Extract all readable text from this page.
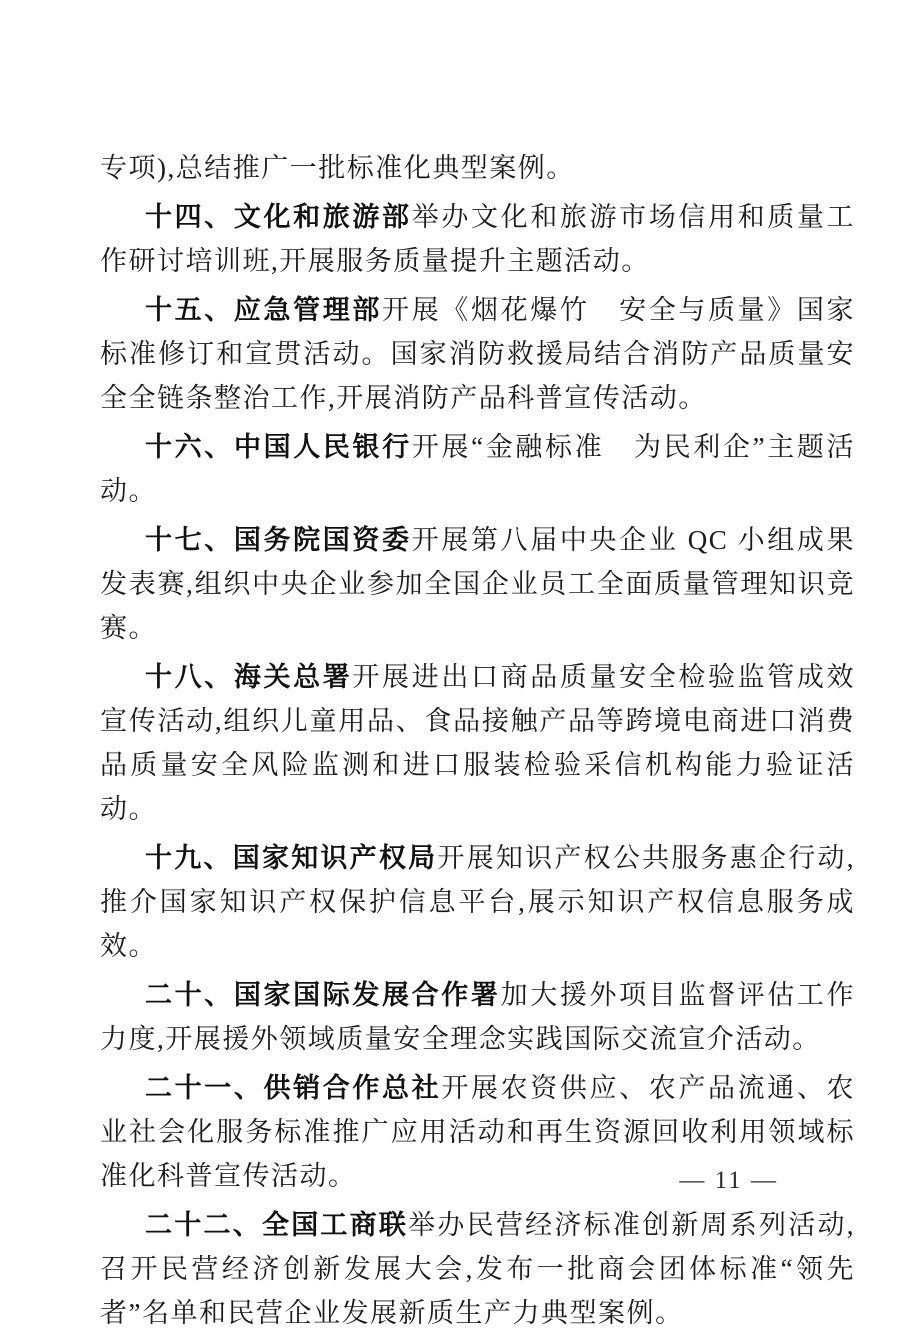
专项),总结推广一批标准化典型案例。

十四、文化和旅游部举办文化和旅游市场信用和质量工作研讨培训班,开展服务质量提升主题活动。

十五、应急管理部开展《烟花爆竹　安全与质量》国家标准修订和宣贯活动。国家消防救援局结合消防产品质量安全全链条整治工作,开展消防产品科普宣传活动。

十六、中国人民银行开展“金融标准　为民利企”主题活动。

十七、国务院国资委开展第八届中央企业 QC 小组成果发表赛,组织中央企业参加全国企业员工全面质量管理知识竞赛。

十八、海关总署开展进出口商品质量安全检验监管成效宣传活动,组织儿童用品、食品接触产品等跨境电商进口消费品质量安全风险监测和进口服装检验采信机构能力验证活动。

十九、国家知识产权局开展知识产权公共服务惠企行动,推介国家知识产权保护信息平台,展示知识产权信息服务成效。

二十、国家国际发展合作署加大援外项目监督评估工作力度,开展援外领域质量安全理念实践国际交流宣介活动。

二十一、供销合作总社开展农资供应、农产品流通、农业社会化服务标准推广应用活动和再生资源回收利用领域标准化科普宣传活动。

二十二、全国工商联举办民营经济标准创新周系列活动,召开民营经济创新发展大会,发布一批商会团体标准“领先者”名单和民营企业发展新质生产力典型案例。

— 11 —
